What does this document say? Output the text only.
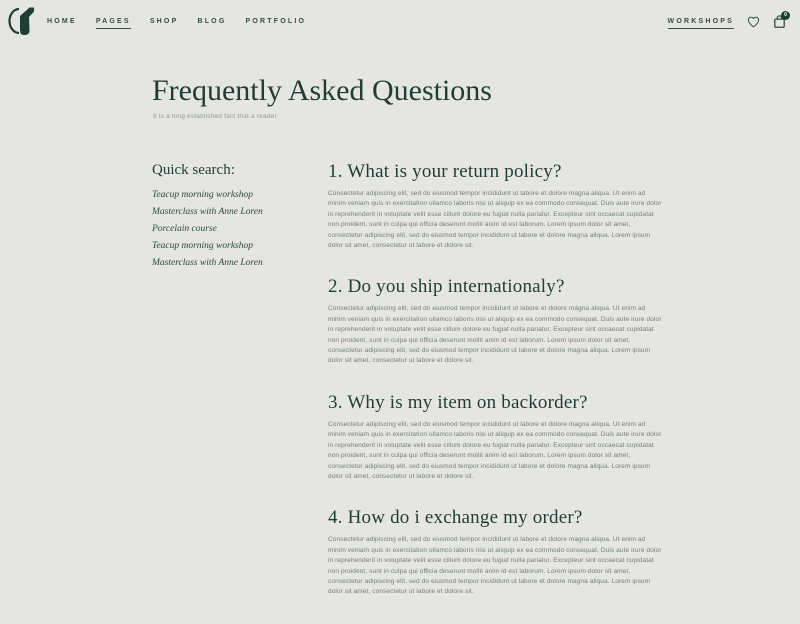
HOME	PAGES	SHOP	BLOG	PORTFOLIO	WORKSHOPS
0
Frequently Asked Questions

It is a long established fact that a reader

Quick search:
Teacup morning workshop
Masterclass with Anne Loren
Porcelain course
Teacup morning workshop
Masterclass with Anne Loren
1. What is your return policy?

Consectetur adipiscing elit, sed do eiusmod tempor incididunt ut labore et dolore magna aliqua. Ut enim ad minim veniam quis in exercitation ullamco laboris nisi ut aliquip ex ea commodo consequat. Duis aute irure dolor in reprehenderit in voluptate velit esse cillum dolore eu fugiat nulla pariatur. Excepteur sint occaecat cupidatat non proident, sunt in culpa qui officia deserunt mollit anim id est laborum. Lorem ipsum dolor sit amet, consectetur adipiscing elit, sed do eiusmod tempor incididunt ut labore et dolore magna aliqua. Lorem ipsum dolor sit amet, consectetur ut labore et dolore sit.

2. Do you ship internationaly?

Consectetur adipiscing elit, sed do eiusmod tempor incididunt ut labore et dolore magna aliqua. Ut enim ad minim veniam quis in exercitation ullamco laboris nisi ut aliquip ex ea commodo consequat. Duis aute irure dolor in reprehenderit in voluptate velit esse cillum dolore eu fugiat nulla pariatur. Excepteur sint occaecat cupidatat non proident, sunt in culpa qui officia deserunt mollit anim id est laborum. Lorem ipsum dolor sit amet, consectetur adipiscing elit, sed do eiusmod tempor incididunt ut labore et dolore magna aliqua. Lorem ipsum dolor sit amet, consectetur ut labore et dolore sit.

3. Why is my item on backorder?

Consectetur adipiscing elit, sed do eiusmod tempor incididunt ut labore et dolore magna aliqua. Ut enim ad minim veniam quis in exercitation ullamco laboris nisi ut aliquip ex ea commodo consequat. Duis aute irure dolor in reprehenderit in voluptate velit esse cillum dolore eu fugiat nulla pariatur. Excepteur sint occaecat cupidatat non proident, sunt in culpa qui officia deserunt mollit anim id est laborum. Lorem ipsum dolor sit amet, consectetur adipiscing elit, sed do eiusmod tempor incididunt ut labore et dolore magna aliqua. Lorem ipsum dolor sit amet, consectetur ut labore et dolore sit.

4. How do i exchange my order?

Consectetur adipiscing elit, sed do eiusmod tempor incididunt ut labore et dolore magna aliqua. Ut enim ad minim veniam quis in exercitation ullamco laboris nisi ut aliquip ex ea commodo consequat. Duis aute irure dolor in reprehenderit in voluptate velit esse cillum dolore eu fugiat nulla pariatur. Excepteur sint occaecat cupidatat non proident, sunt in culpa qui officia deserunt mollit anim id est laborum. Lorem ipsum dolor sit amet, consectetur adipiscing elit, sed do eiusmod tempor incididunt ut labore et dolore magna aliqua. Lorem ipsum dolor sit amet, consectetur ut labore et dolore sit.
